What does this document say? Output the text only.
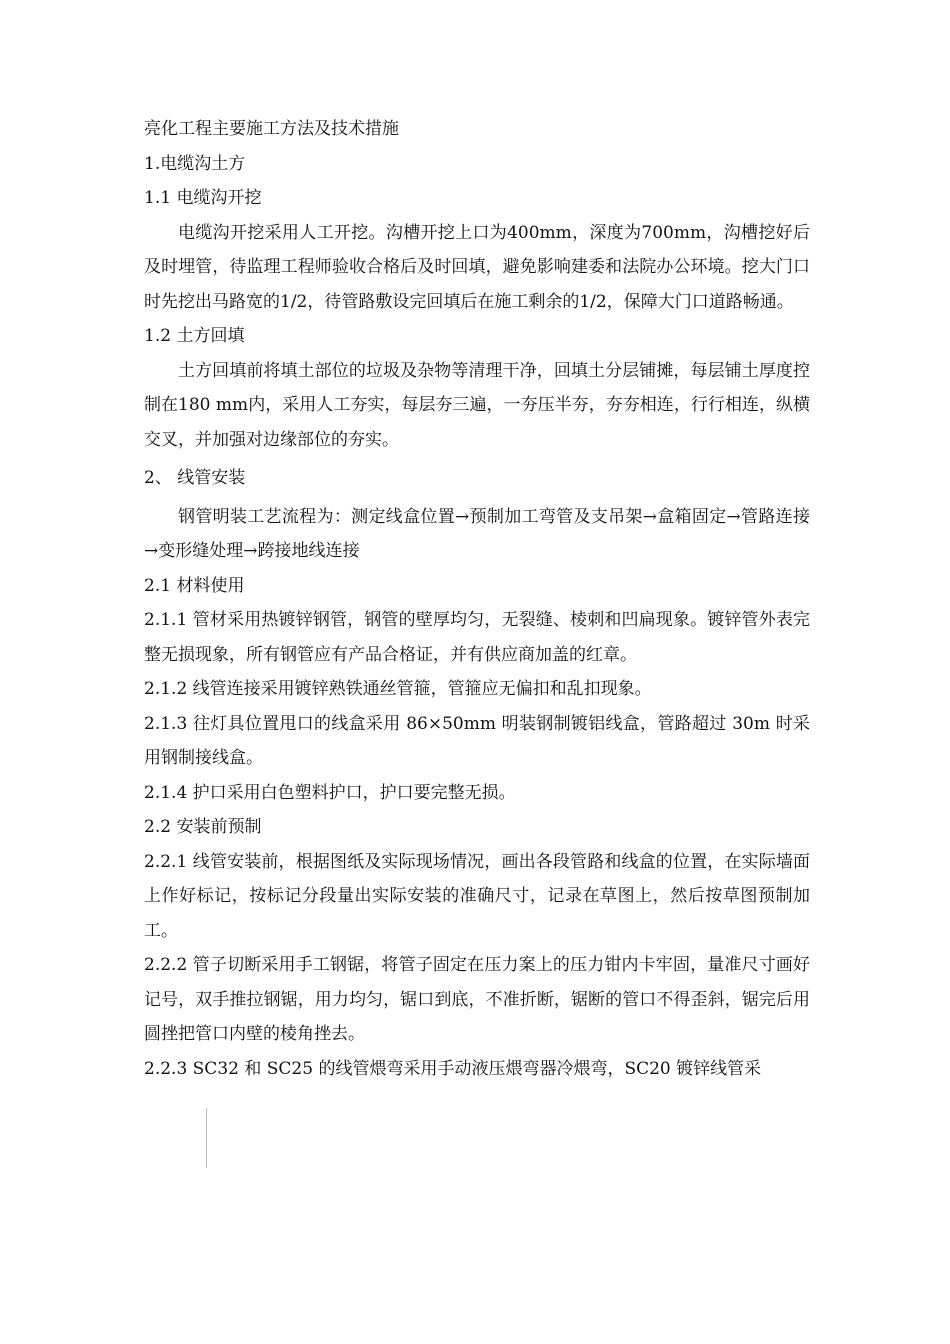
亮化工程主要施工方法及技术措施
1.电缆沟土方
1.1 电缆沟开挖
电缆沟开挖采用人工开挖。沟槽开挖上口为400mm，深度为700mm，沟槽挖好后及时埋管，待监理工程师验收合格后及时回填，避免影响建委和法院办公环境。挖大门口时先挖出马路宽的1/2，待管路敷设完回填后在施工剩余的1/2，保障大门口道路畅通。
1.2 土方回填
土方回填前将填土部位的垃圾及杂物等清理干净，回填土分层铺摊，每层铺土厚度控制在180 mm内，采用人工夯实，每层夯三遍，一夯压半夯，夯夯相连，行行相连，纵横交叉，并加强对边缘部位的夯实。
2、 线管安装
钢管明装工艺流程为：测定线盒位置→预制加工弯管及支吊架→盒箱固定→管路连接→变形缝处理→跨接地线连接
2.1 材料使用
2.1.1 管材采用热镀锌钢管，钢管的壁厚均匀，无裂缝、棱刺和凹扁现象。镀锌管外表完整无损现象，所有钢管应有产品合格证，并有供应商加盖的红章。
2.1.2 线管连接采用镀锌熟铁通丝管箍，管箍应无偏扣和乱扣现象。
2.1.3 往灯具位置甩口的线盒采用 86×50mm 明装钢制镀铝线盒，管路超过 30m 时采用钢制接线盒。
2.1.4 护口采用白色塑料护口，护口要完整无损。
2.2 安装前预制
2.2.1 线管安装前，根据图纸及实际现场情况，画出各段管路和线盒的位置，在实际墙面上作好标记，按标记分段量出实际安装的准确尺寸，记录在草图上，然后按草图预制加工。
2.2.2 管子切断采用手工钢锯，将管子固定在压力案上的压力钳内卡牢固，量准尺寸画好记号，双手推拉钢锯，用力均匀，锯口到底，不准折断，锯断的管口不得歪斜，锯完后用圆挫把管口内壁的棱角挫去。
2.2.3 SC32 和 SC25 的线管煨弯采用手动液压煨弯器冷煨弯，SC20 镀锌线管采
